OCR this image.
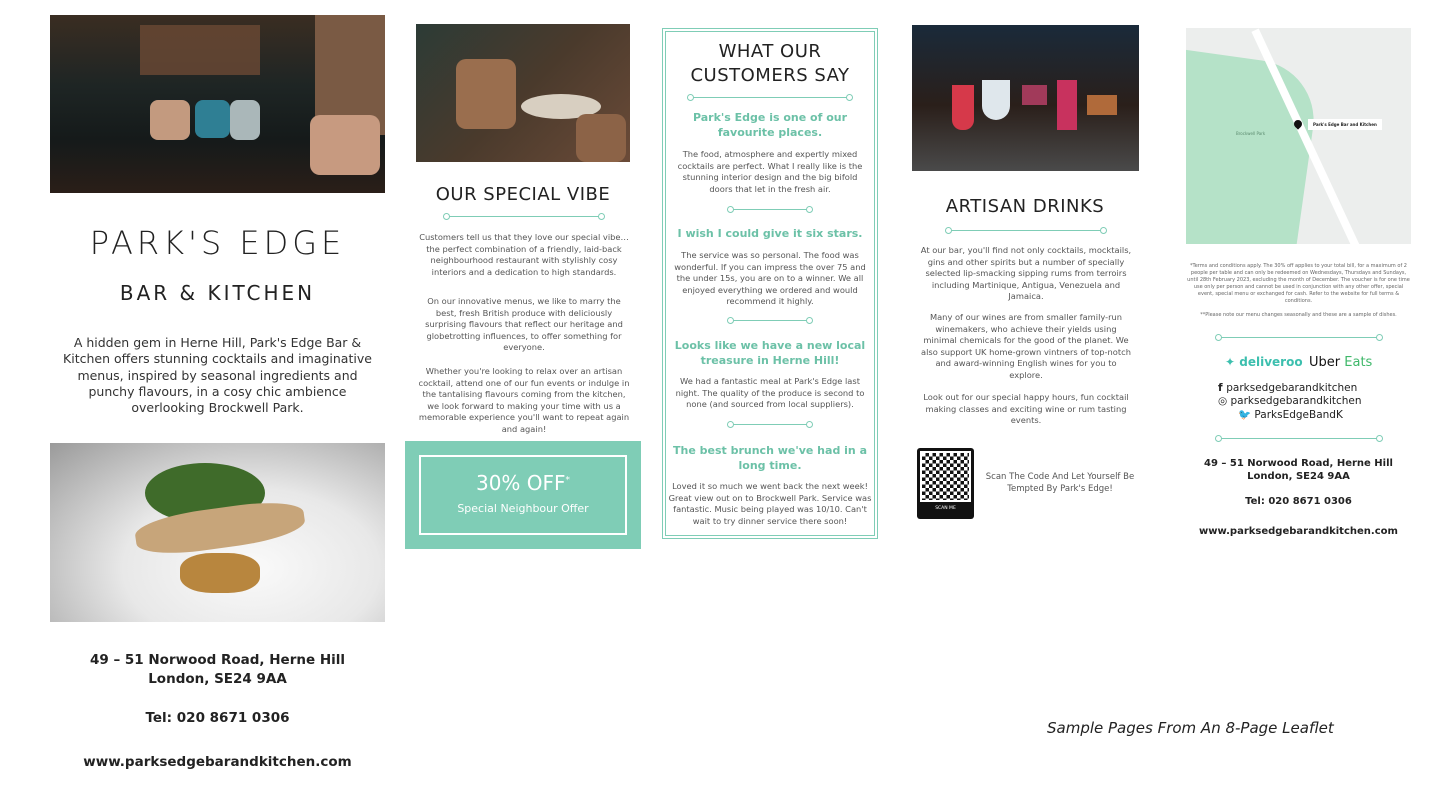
PARK'S EDGE
BAR & KITCHEN
A hidden gem in Herne Hill, Park's Edge Bar & Kitchen offers stunning cocktails and imaginative menus, inspired by seasonal ingredients and punchy flavours, in a cosy chic ambience overlooking Brockwell Park.
49 – 51 Norwood Road, Herne Hill
London, SE24 9AA
Tel: 020 8671 0306
www.parksedgebarandkitchen.com
OUR SPECIAL VIBE
Customers tell us that they love our special vibe… the perfect combination of a friendly, laid-back neighbourhood restaurant with stylishly cosy interiors and a dedication to high standards.
On our innovative menus, we like to marry the best, fresh British produce with deliciously surprising flavours that reflect our heritage and globetrotting influences, to offer something for everyone.
Whether you're looking to relax over an artisan cocktail, attend one of our fun events or indulge in the tantalising flavours coming from the kitchen, we look forward to making your time with us a memorable experience you'll want to repeat again and again!
30% OFF*
Special Neighbour Offer
WHAT OUR CUSTOMERS SAY
Park's Edge is one of our favourite places.
The food, atmosphere and expertly mixed cocktails are perfect. What I really like is the stunning interior design and the big bifold doors that let in the fresh air.
I wish I could give it six stars.
The service was so personal. The food was wonderful. If you can impress the over 75 and the under 15s, you are on to a winner. We all enjoyed everything we ordered and would recommend it highly.
Looks like we have a new local treasure in Herne Hill!
We had a fantastic meal at Park's Edge last night. The quality of the produce is second to none (and sourced from local suppliers).
The best brunch we've had in a long time.
Loved it so much we went back the next week! Great view out on to Brockwell Park. Service was fantastic. Music being played was 10/10. Can't wait to try dinner service there soon!
ARTISAN DRINKS
At our bar, you'll find not only cocktails, mocktails, gins and other spirits but a number of specially selected lip-smacking sipping rums from terroirs including Martinique, Antigua, Venezuela and Jamaica.
Many of our wines are from smaller family-run winemakers, who achieve their yields using minimal chemicals for the good of the planet. We also support UK home-grown vintners of top-notch and award-winning English wines for you to explore.
Look out for our special happy hours, fun cocktail making classes and exciting wine or rum tasting events.
SCAN ME
Scan The Code And Let Yourself Be Tempted By Park's Edge!
Brockwell Park
Park's Edge Bar and Kitchen
*Terms and conditions apply. The 30% off applies to your total bill, for a maximum of 2 people per table and can only be redeemed on Wednesdays, Thursdays and Sundays, until 28th February 2023, excluding the month of December. The voucher is for one time use only per person and cannot be used in conjunction with any other offer, special event, special menu or exchanged for cash. Refer to the website for full terms & conditions.
**Please note our menu changes seasonally and these are a sample of dishes.
✦ deliveroo Uber Eats
f parksedgebarandkitchen
◎ parksedgebarandkitchen
🐦 ParksEdgeBandK
49 – 51 Norwood Road, Herne Hill
London, SE24 9AA
Tel: 020 8671 0306
www.parksedgebarandkitchen.com
Sample Pages From An 8-Page Leaflet
